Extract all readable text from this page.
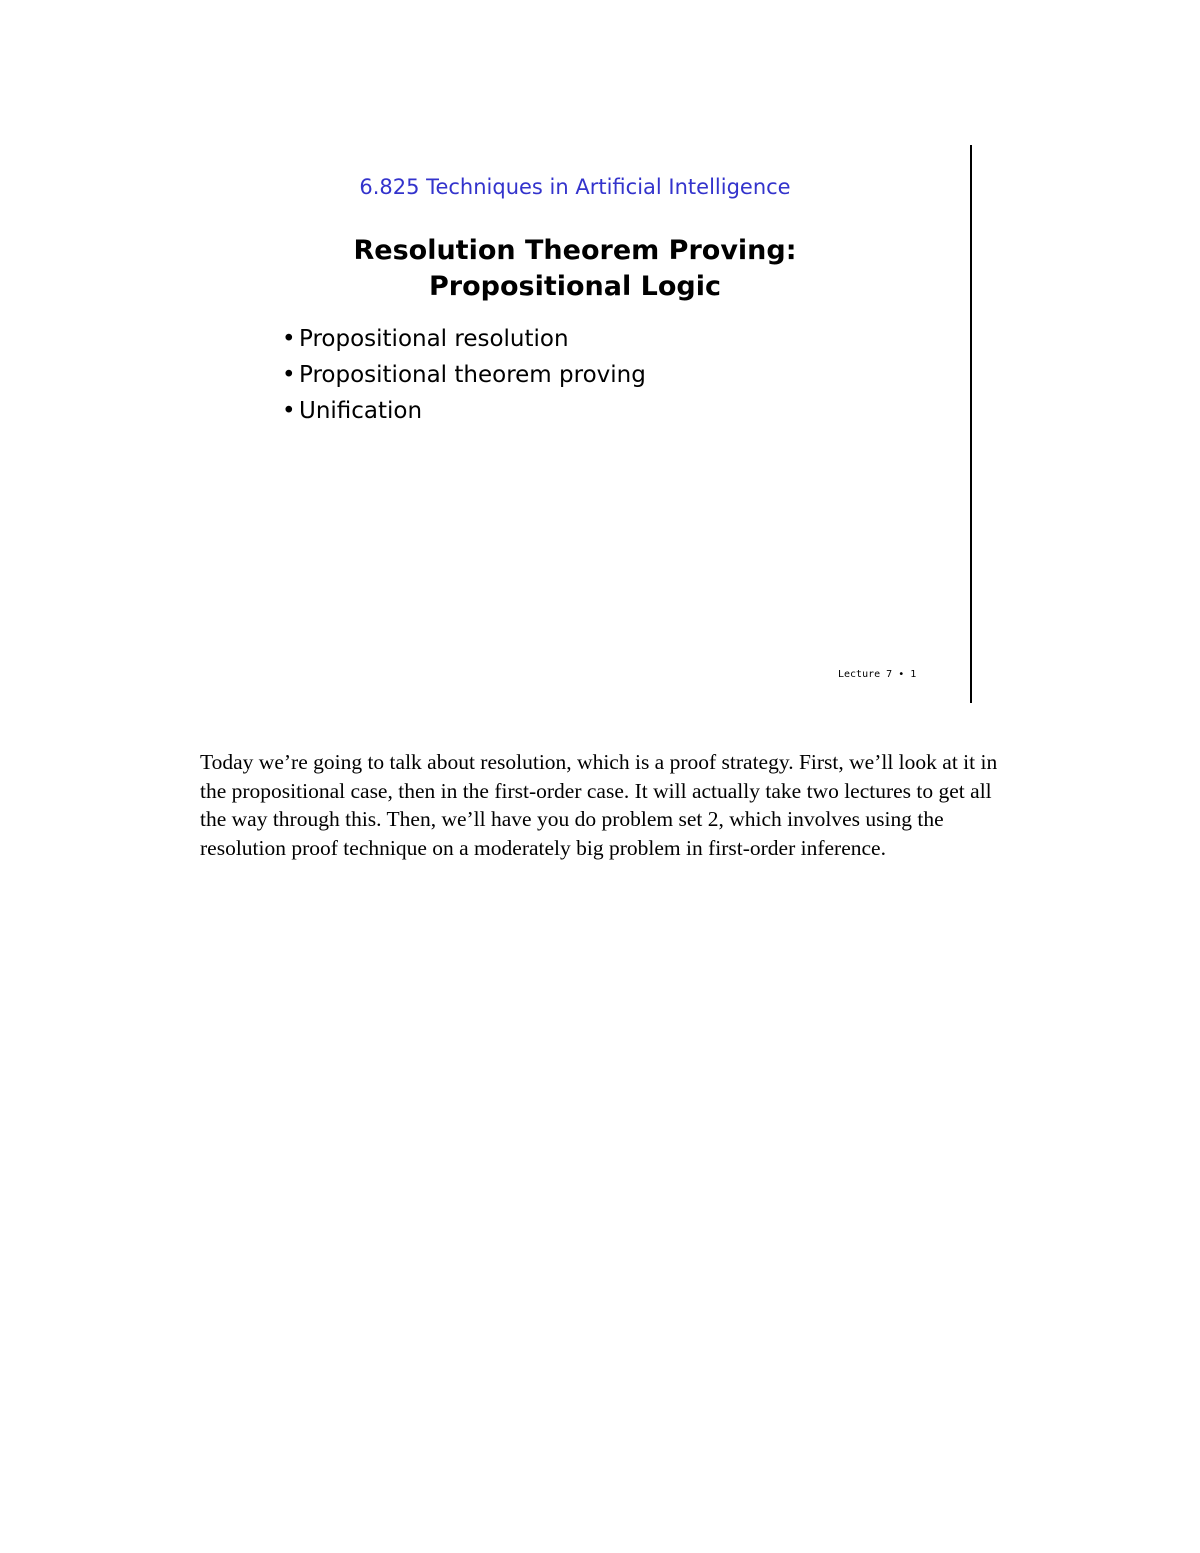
6.825 Techniques in Artificial Intelligence
Resolution Theorem Proving:
Propositional Logic
• Propositional resolution
• Propositional theorem proving
• Unification
Lecture 7 • 1

Today we’re going to talk about resolution, which is a proof strategy. First, we’ll look at it in the propositional case, then in the first-order case. It will actually take two lectures to get all the way through this. Then, we’ll have you do problem set 2, which involves using the resolution proof technique on a moderately big problem in first-order inference.
